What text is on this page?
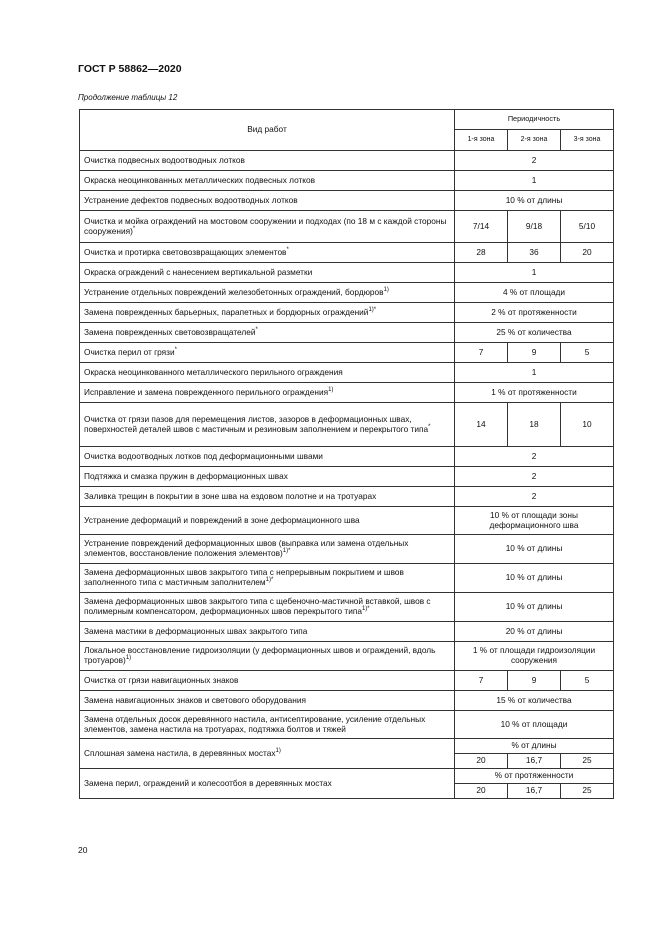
ГОСТ Р 58862—2020
Продолжение таблицы 12
Вид работ	Периодичность		
	1-я зона	2-я зона	3-я зона
Очистка подвесных водоотводных лотков	2		
Окраска неоцинкованных металлических подвесных лотков	1		
Устранение дефектов подвесных водоотводных лотков	10 % от длины		
Очистка и мойка ограждений на мостовом сооружении и подходах (по 18 м с каждой стороны сооружения)*	7/14	9/18	5/10
Очистка и протирка световозвращающих элементов*	28	36	20
Окраска ограждений с нанесением вертикальной разметки	1		
Устранение отдельных повреждений железобетонных ограждений, бордюров$^{1)}$	4 % от площади		
Замена поврежденных барьерных, парапетных и бордюрных ограждений$^{1)*}$	2 % от протяженности		
Замена поврежденных световозвращателей*	25 % от количества		
Очистка перил от грязи*	7	9	5
Окраска неоцинкованного металлического перильного ограждения	1		
Исправление и замена поврежденного перильного ограждения$^{1)}$	1 % от протяженности		
Очистка от грязи пазов для перемещения листов, зазоров в деформационных швах, поверхностей деталей швов с мастичным и резиновым заполнением и перекрытого типа*	14	18	10
Очистка водоотводных лотков под деформационными швами	2		
Подтяжка и смазка пружин в деформационных швах	2		
Заливка трещин в покрытии в зоне шва на ездовом полотне и на тротуарах	2		
Устранение деформаций и повреждений в зоне деформационного шва	10 % от площади зоны деформационного шва		
Устранение повреждений деформационных швов (выправка или замена отдельных элементов, восстановление положения элементов)$^{1)*}$	10 % от длины		
Замена деформационных швов закрытого типа с непрерывным покрытием и швов заполненного типа с мастичным заполнителем$^{1)*}$	10 % от длины		
Замена деформационных швов закрытого типа с щебеночно-мастичной вставкой, швов с полимерным компенсатором, деформационных швов перекрытого типа$^{1)*}$	10 % от длины		
Замена мастики в деформационных швах закрытого типа	20 % от длины		
Локальное восстановление гидроизоляции (у деформационных швов и ограждений, вдоль тротуаров)$^{1)}$	1 % от площади гидроизоляции сооружения		
Очистка от грязи навигационных знаков	7	9	5
Замена навигационных знаков и светового оборудования	15 % от количества		
Замена отдельных досок деревянного настила, антисептирование, усиление отдельных элементов, замена настила на тротуарах, подтяжка болтов и тяжей	10 % от площади		
Сплошная замена настила, в деревянных мостах$^{1)}$	% от длины		
	20	16,7	25
Замена перил, ограждений и колесоотбоя в деревянных мостах	% от протяженности		
	20	16,7	25
20
